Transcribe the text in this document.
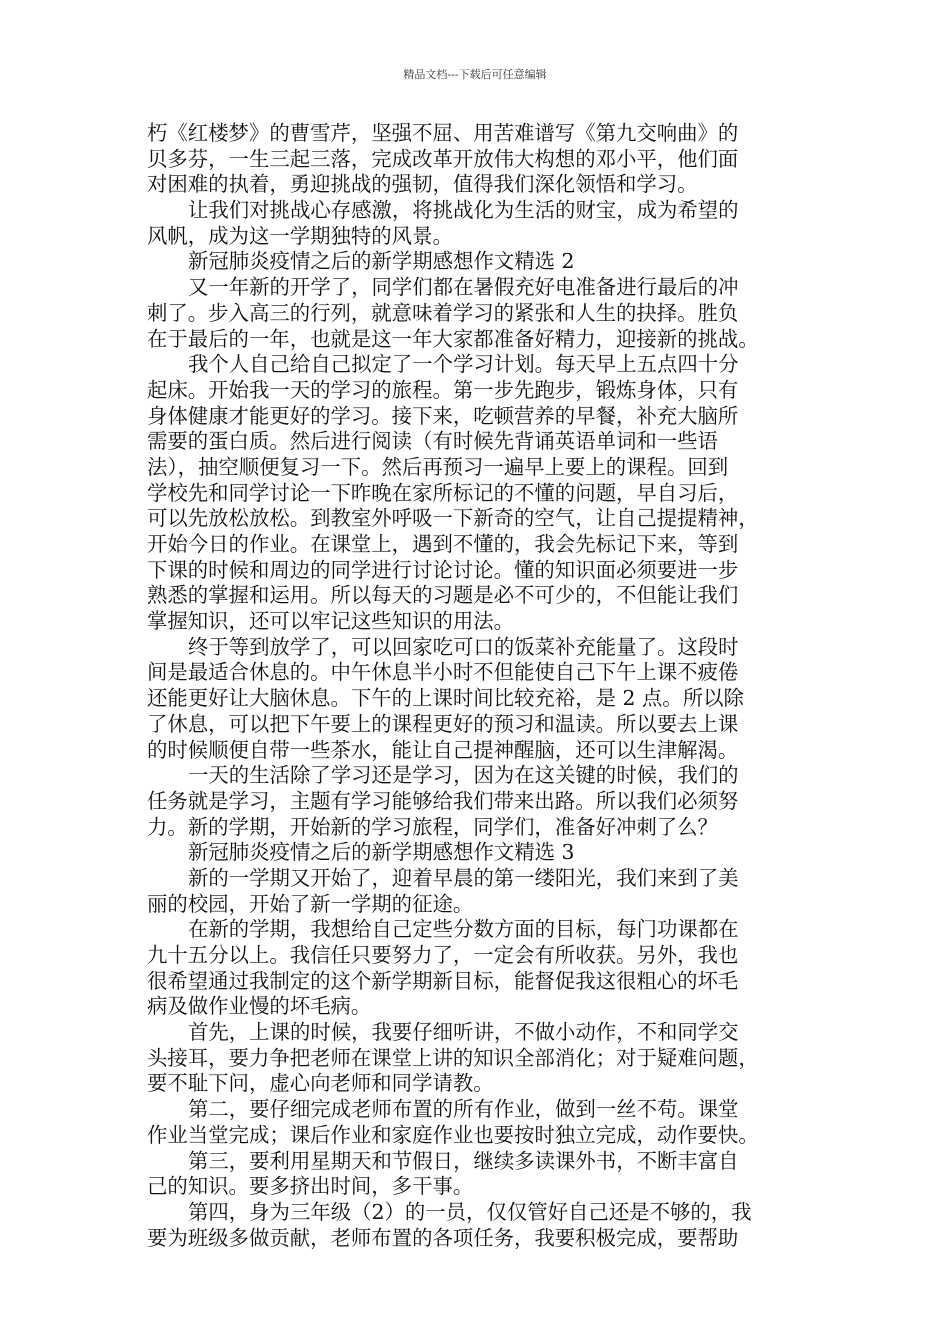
精品文档---下载后可任意编辑
朽《红楼梦》的曹雪芹，坚强不屈、用苦难谱写《第九交响曲》的
贝多芬，一生三起三落，完成改革开放伟大构想的邓小平，他们面
对困难的执着，勇迎挑战的强韧，值得我们深化领悟和学习。
让我们对挑战心存感激，将挑战化为生活的财宝，成为希望的
风帆，成为这一学期独特的风景。
新冠肺炎疫情之后的新学期感想作文精选 2
又一年新的开学了，同学们都在暑假充好电准备进行最后的冲
刺了。步入高三的行列，就意味着学习的紧张和人生的抉择。胜负
在于最后的一年，也就是这一年大家都准备好精力，迎接新的挑战。
我个人自己给自己拟定了一个学习计划。每天早上五点四十分
起床。开始我一天的学习的旅程。第一步先跑步，锻炼身体，只有
身体健康才能更好的学习。接下来，吃顿营养的早餐，补充大脑所
需要的蛋白质。然后进行阅读（有时候先背诵英语单词和一些语
法），抽空顺便复习一下。然后再预习一遍早上要上的课程。回到
学校先和同学讨论一下昨晚在家所标记的不懂的问题，早自习后，
可以先放松放松。到教室外呼吸一下新奇的空气，让自己提提精神，
开始今日的作业。在课堂上，遇到不懂的，我会先标记下来，等到
下课的时候和周边的同学进行讨论讨论。懂的知识面必须要进一步
熟悉的掌握和运用。所以每天的习题是必不可少的，不但能让我们
掌握知识，还可以牢记这些知识的用法。
终于等到放学了，可以回家吃可口的饭菜补充能量了。这段时
间是最适合休息的。中午休息半小时不但能使自己下午上课不疲倦
还能更好让大脑休息。下午的上课时间比较充裕，是 2 点。所以除
了休息，可以把下午要上的课程更好的预习和温读。所以要去上课
的时候顺便自带一些茶水，能让自己提神醒脑，还可以生津解渴。
一天的生活除了学习还是学习，因为在这关键的时候，我们的
任务就是学习，主题有学习能够给我们带来出路。所以我们必须努
力。新的学期，开始新的学习旅程，同学们，准备好冲刺了么？
新冠肺炎疫情之后的新学期感想作文精选 3
新的一学期又开始了，迎着早晨的第一缕阳光，我们来到了美
丽的校园，开始了新一学期的征途。
在新的学期，我想给自己定些分数方面的目标，每门功课都在
九十五分以上。我信任只要努力了，一定会有所收获。另外，我也
很希望通过我制定的这个新学期新目标，能督促我这很粗心的坏毛
病及做作业慢的坏毛病。
首先，上课的时候，我要仔细听讲，不做小动作，不和同学交
头接耳，要力争把老师在课堂上讲的知识全部消化；对于疑难问题，
要不耻下问，虚心向老师和同学请教。
第二，要仔细完成老师布置的所有作业，做到一丝不苟。课堂
作业当堂完成；课后作业和家庭作业也要按时独立完成，动作要快。
第三，要利用星期天和节假日，继续多读课外书，不断丰富自
己的知识。要多挤出时间，多干事。
第四，身为三年级（2）的一员，仅仅管好自己还是不够的，我
要为班级多做贡献，老师布置的各项任务，我要积极完成，要帮助
